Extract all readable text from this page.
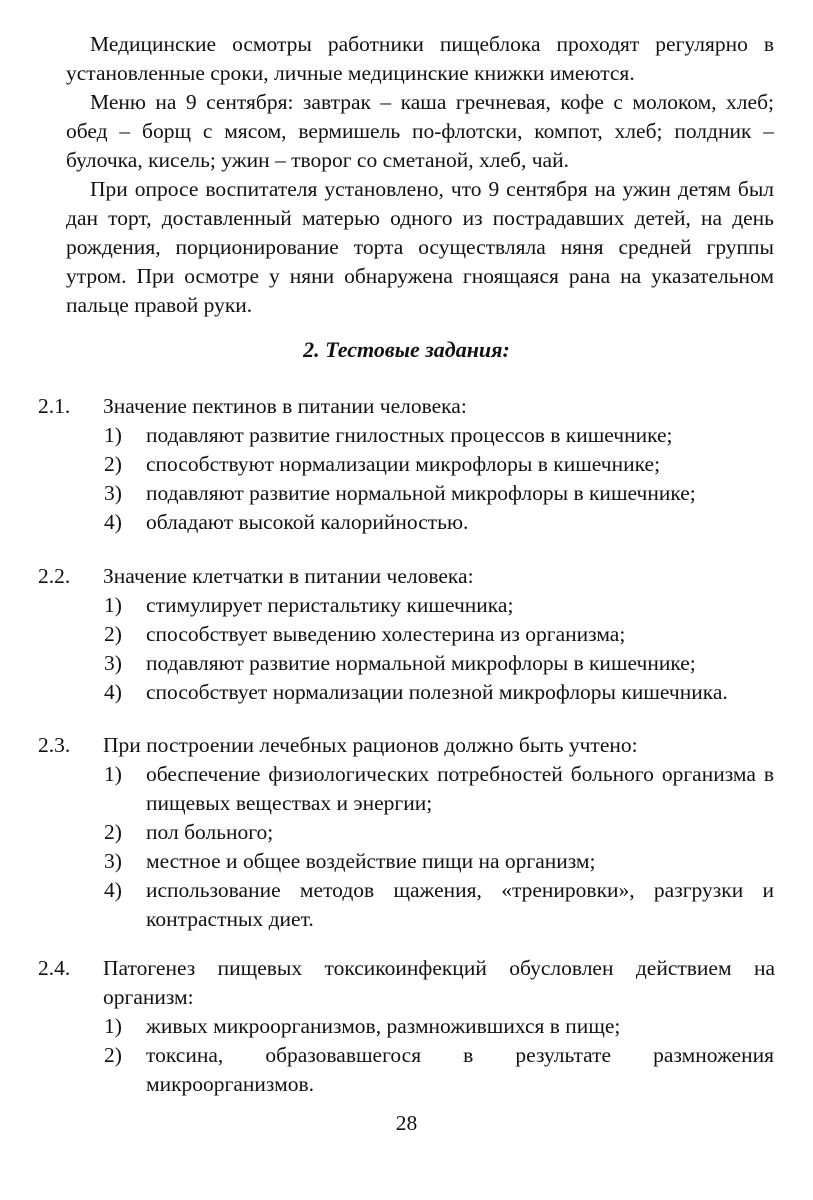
Медицинские осмотры работники пищеблока проходят регулярно в установленные сроки, личные медицинские книжки имеются.

Меню на 9 сентября: завтрак – каша гречневая, кофе с молоком, хлеб; обед – борщ с мясом, вермишель по-флотски, компот, хлеб; полдник – булочка, кисель; ужин – творог со сметаной, хлеб, чай.

При опросе воспитателя установлено, что 9 сентября на ужин детям был дан торт, доставленный матерью одного из пострадавших детей, на день рождения, порционирование торта осуществляла няня средней группы утром. При осмотре у няни обнаружена гноящаяся рана на указательном пальце правой руки.

2. Тестовые задания:
2.1. Значение пектинов в питании человека:
1) подавляют развитие гнилостных процессов в кишечнике;
2) способствуют нормализации микрофлоры в кишечнике;
3) подавляют развитие нормальной микрофлоры в кишечнике;
4) обладают высокой калорийностью.
2.2. Значение клетчатки в питании человека:
1) стимулирует перистальтику кишечника;
2) способствует выведению холестерина из организма;
3) подавляют развитие нормальной микрофлоры в кишечнике;
4) способствует нормализации полезной микрофлоры кишечника.
2.3. При построении лечебных рационов должно быть учтено:
1) обеспечение физиологических потребностей больного организма в пищевых веществах и энергии;
2) пол больного;
3) местное и общее воздействие пищи на организм;
4) использование методов щажения, «тренировки», разгрузки и контрастных диет.
2.4. Патогенез пищевых токсикоинфекций обусловлен действием на организм:
1) живых микроорганизмов, размножившихся в пище;
2) токсина, образовавшегося в результате размножения микроорганизмов.

28
